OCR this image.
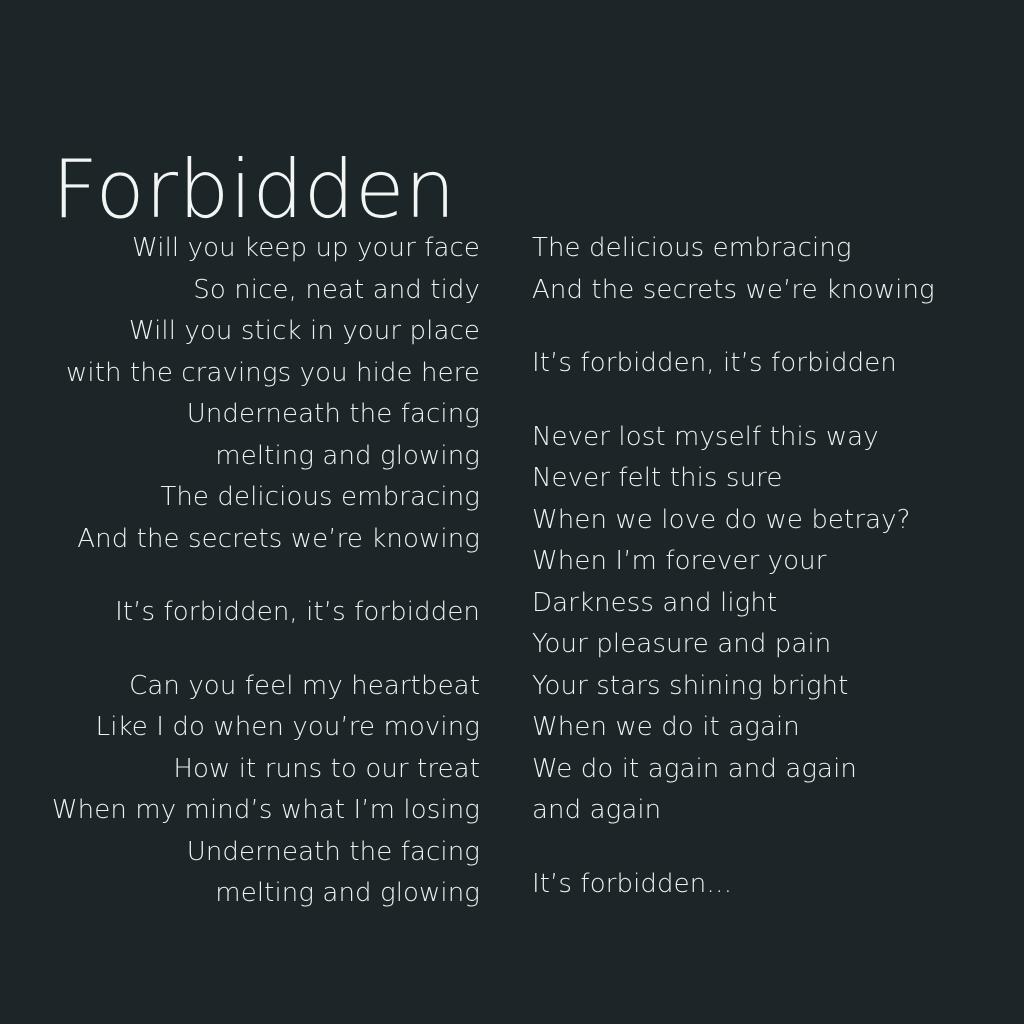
Forbidden
Will you keep up your face
So nice, neat and tidy
Will you stick in your place
with the cravings you hide here
Underneath the facing
melting and glowing
The delicious embracing
And the secrets we’re knowing
It’s forbidden, it’s forbidden
Can you feel my heartbeat
Like I do when you’re moving
How it runs to our treat
When my mind’s what I’m losing
Underneath the facing
melting and glowing
The delicious embracing
And the secrets we’re knowing
It’s forbidden, it’s forbidden
Never lost myself this way
Never felt this sure
When we love do we betray?
When I’m forever your
Darkness and light
Your pleasure and pain
Your stars shining bright
When we do it again
We do it again and again
and again
It’s forbidden…
